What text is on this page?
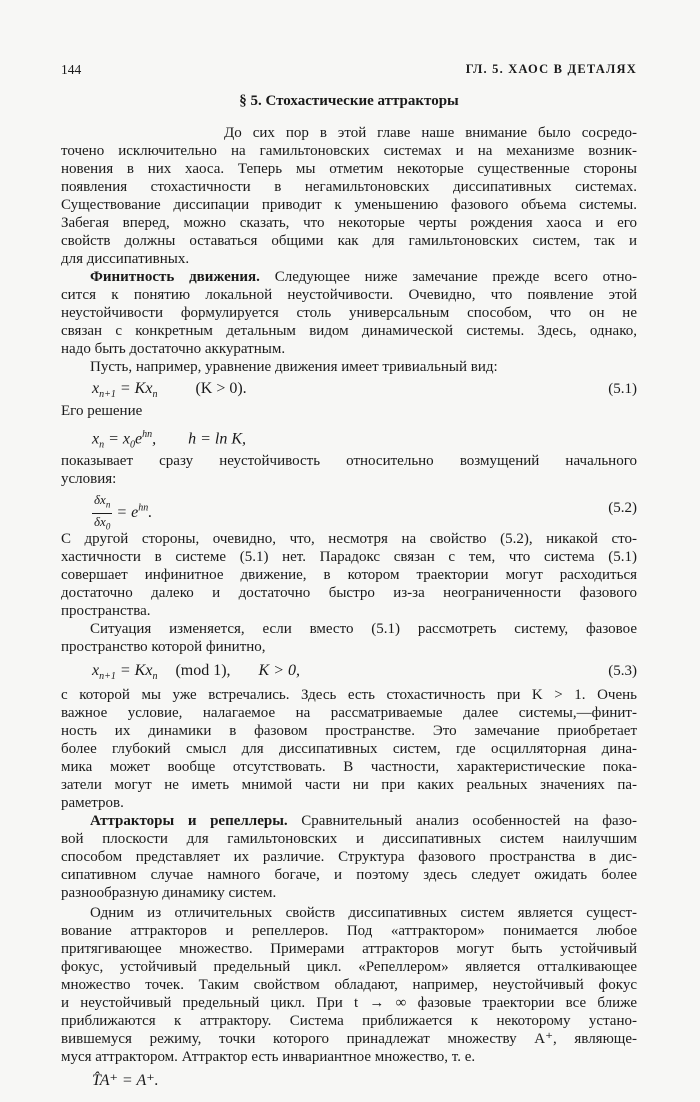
144	ГЛ. 5. ХАОС В ДЕТАЛЯХ
§ 5. Стохастические аттракторы
До сих пор в этой главе наше внимание было сосредо-
точено исключительно на гамильтоновских системах и на механизме возник-
новения в них хаоса. Теперь мы отметим некоторые существенные стороны
появления стохастичности в негамильтоновских диссипативных системах.
Существование диссипации приводит к уменьшению фазового объема системы.
Забегая вперед, можно сказать, что некоторые черты рождения хаоса и его
свойств должны оставаться общими как для гамильтоновских систем, так и
для диссипативных.
Финитность движения. Следующее ниже замечание прежде всего отно-
сится к понятию локальной неустойчивости. Очевидно, что появление этой
неустойчивости формулируется столь универсальным способом, что он не
связан с конкретным детальным видом динамической системы. Здесь, однако,
надо быть достаточно аккуратным.
Пусть, например, уравнение движения имеет тривиальный вид:
$x_{n+1} = Kx_n$ (K > 0).	(5.1)
Его решение
$x_n = x_0e^{hn}$, h = ln K,
показывает сразу неустойчивость относительно возмущений начального
условия:
$\frac{\delta x_n}{\delta x_0} = e^{hn}$.	(5.2)
С другой стороны, очевидно, что, несмотря на свойство (5.2), никакой сто-
хастичности в системе (5.1) нет. Парадокс связан с тем, что система (5.1)
совершает инфинитное движение, в котором траектории могут расходиться
достаточно далеко и достаточно быстро из-за неограниченности фазового
пространства.
Ситуация изменяется, если вместо (5.1) рассмотреть систему, фазовое
пространство которой финитно,
$x_{n+1} = Kx_n$ (mod 1), K > 0,	(5.3)
с которой мы уже встречались. Здесь есть стохастичность при K > 1. Очень
важное условие, налагаемое на рассматриваемые далее системы,—финит-
ность их динамики в фазовом пространстве. Это замечание приобретает
более глубокий смысл для диссипативных систем, где осцилляторная дина-
мика может вообще отсутствовать. В частности, характеристические пока-
затели могут не иметь мнимой части ни при каких реальных значениях па-
раметров.
Аттракторы и репеллеры. Сравнительный анализ особенностей на фазо-
вой плоскости для гамильтоновских и диссипативных систем наилучшим
способом представляет их различие. Структура фазового пространства в дис-
сипативном случае намного богаче, и поэтому здесь следует ожидать более
разнообразную динамику систем.
Одним из отличительных свойств диссипативных систем является сущест-
вование аттракторов и репеллеров. Под «аттрактором» понимается любое
притягивающее множество. Примерами аттракторов могут быть устойчивый
фокус, устойчивый предельный цикл. «Репеллером» является отталкивающее
множество точек. Таким свойством обладают, например, неустойчивый фокус
и неустойчивый предельный цикл. При t → ∞ фазовые траектории все ближе
приближаются к аттрактору. Система приближается к некоторому устано-
вившемуся режиму, точки которого принадлежат множеству A⁺, являюще-
муся аттрактором. Аттрактор есть инвариантное множество, т. е.
T̂A⁺ = A⁺.
